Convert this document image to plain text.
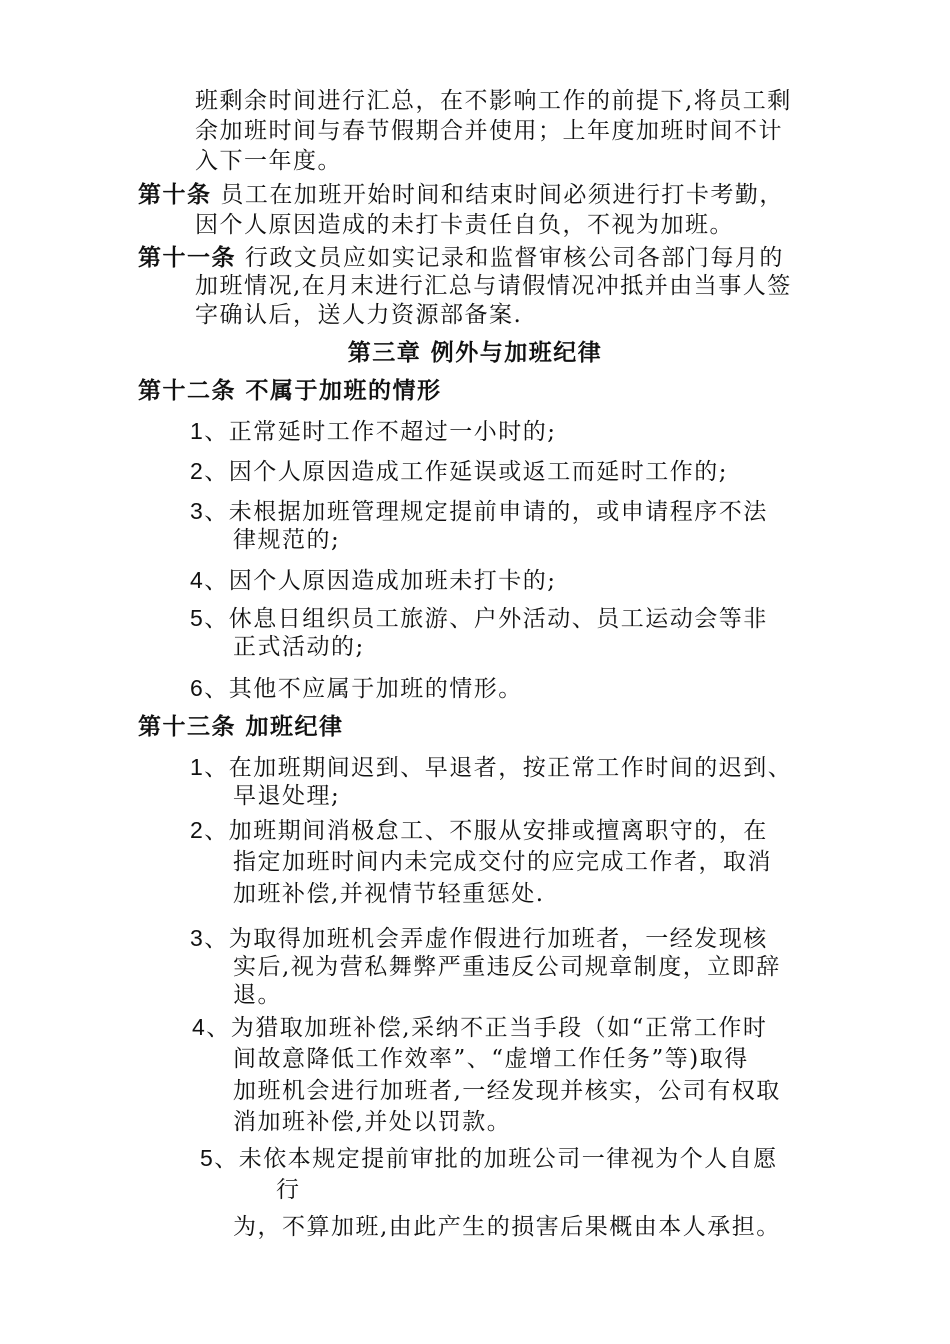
班剩余时间进行汇总，在不影响工作的前提下,将员工剩
余加班时间与春节假期合并使用；上年度加班时间不计
入下一年度。
第十条 员工在加班开始时间和结束时间必须进行打卡考勤，
因个人原因造成的未打卡责任自负，不视为加班。
第十一条 行政文员应如实记录和监督审核公司各部门每月的
加班情况,在月末进行汇总与请假情况冲抵并由当事人签
字确认后，送人力资源部备案.
第三章 例外与加班纪律
第十二条 不属于加班的情形
1、正常延时工作不超过一小时的;
2、因个人原因造成工作延误或返工而延时工作的;
3、未根据加班管理规定提前申请的，或申请程序不法
律规范的;
4、因个人原因造成加班未打卡的;
5、休息日组织员工旅游、户外活动、员工运动会等非
正式活动的;
6、其他不应属于加班的情形。
第十三条 加班纪律
1、在加班期间迟到、早退者，按正常工作时间的迟到、
早退处理;
2、加班期间消极怠工、不服从安排或擅离职守的，在
指定加班时间内未完成交付的应完成工作者，取消
加班补偿,并视情节轻重惩处.
3、为取得加班机会弄虚作假进行加班者，一经发现核
实后,视为营私舞弊严重违反公司规章制度，立即辞
退。
4、为猎取加班补偿,采纳不正当手段（如“正常工作时
间故意降低工作效率”、“虚增工作任务”等)取得
加班机会进行加班者,一经发现并核实，公司有权取
消加班补偿,并处以罚款。
5、未依本规定提前审批的加班公司一律视为个人自愿
行
为，不算加班,由此产生的损害后果概由本人承担。
